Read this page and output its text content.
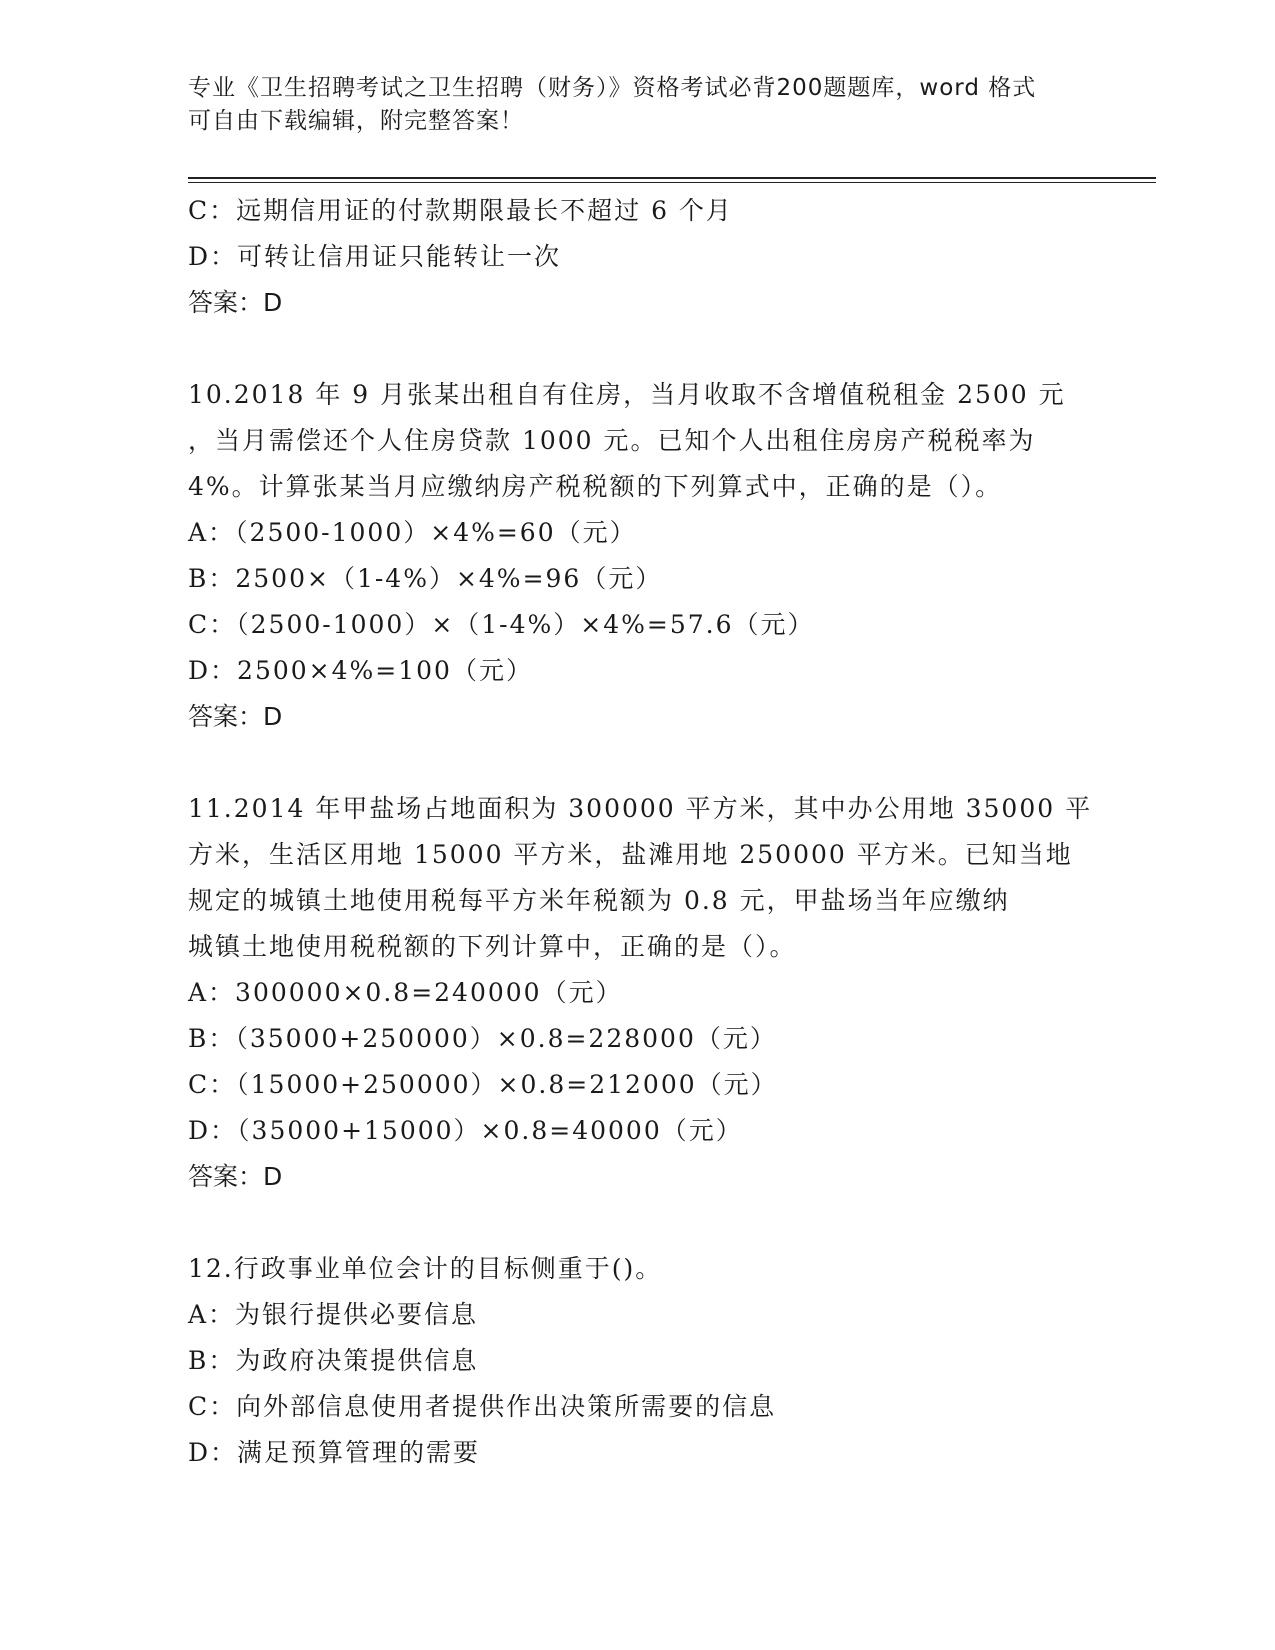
专业《卫生招聘考试之卫生招聘（财务）》资格考试必背200题题库，word 格式
可自由下载编辑，附完整答案！
C：远期信用证的付款期限最长不超过 6 个月
D：可转让信用证只能转让一次
答案：D
10.2018 年 9 月张某出租自有住房，当月收取不含增值税租金 2500 元
，当月需偿还个人住房贷款 1000 元。已知个人出租住房房产税税率为
4%。计算张某当月应缴纳房产税税额的下列算式中，正确的是（）。
A：（2500-1000）×4%=60（元）
B：2500×（1-4%）×4%=96（元）
C：（2500-1000）×（1-4%）×4%=57.6（元）
D：2500×4%=100（元）
答案：D
11.2014 年甲盐场占地面积为 300000 平方米，其中办公用地 35000 平
方米，生活区用地 15000 平方米，盐滩用地 250000 平方米。已知当地
规定的城镇土地使用税每平方米年税额为 0.8 元，甲盐场当年应缴纳
城镇土地使用税税额的下列计算中，正确的是（）。
A：300000×0.8=240000（元）
B：（35000+250000）×0.8=228000（元）
C：（15000+250000）×0.8=212000（元）
D：（35000+15000）×0.8=40000（元）
答案：D
12.行政事业单位会计的目标侧重于()。
A：为银行提供必要信息
B：为政府决策提供信息
C：向外部信息使用者提供作出决策所需要的信息
D：满足预算管理的需要
